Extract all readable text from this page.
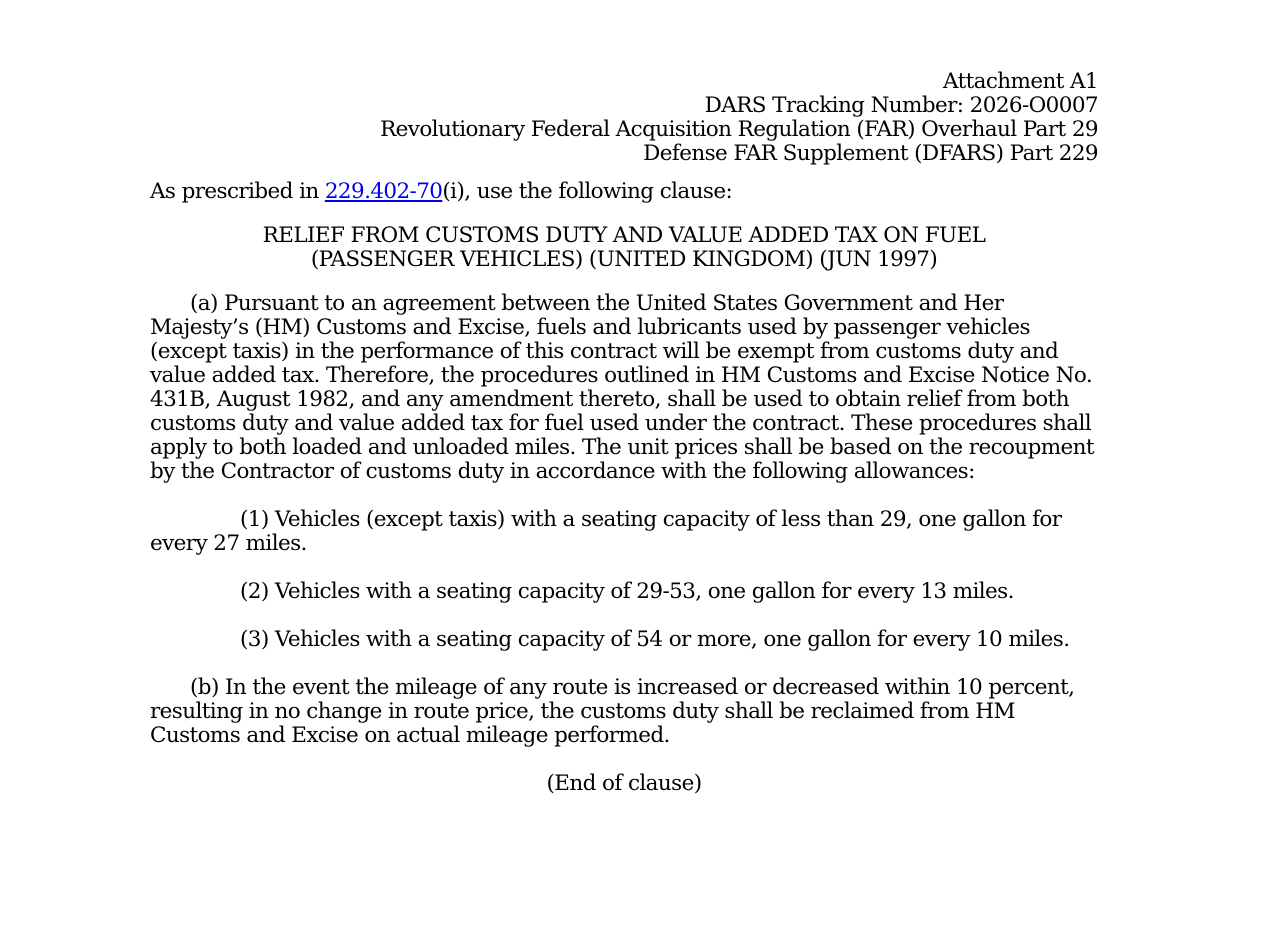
Attachment A1
DARS Tracking Number: 2026-O0007
Revolutionary Federal Acquisition Regulation (FAR) Overhaul Part 29
Defense FAR Supplement (DFARS) Part 229

As prescribed in 229.402-70(i), use the following clause:

RELIEF FROM CUSTOMS DUTY AND VALUE ADDED TAX ON FUEL
(PASSENGER VEHICLES) (UNITED KINGDOM) (JUN 1997)

(a) Pursuant to an agreement between the United States Government and Her Majesty’s (HM) Customs and Excise, fuels and lubricants used by passenger vehicles (except taxis) in the performance of this contract will be exempt from customs duty and value added tax. Therefore, the procedures outlined in HM Customs and Excise Notice No. 431B, August 1982, and any amendment thereto, shall be used to obtain relief from both customs duty and value added tax for fuel used under the contract. These procedures shall apply to both loaded and unloaded miles. The unit prices shall be based on the recoupment by the Contractor of customs duty in accordance with the following allowances:

(1) Vehicles (except taxis) with a seating capacity of less than 29, one gallon for every 27 miles.

(2) Vehicles with a seating capacity of 29-53, one gallon for every 13 miles.

(3) Vehicles with a seating capacity of 54 or more, one gallon for every 10 miles.

(b) In the event the mileage of any route is increased or decreased within 10 percent, resulting in no change in route price, the customs duty shall be reclaimed from HM Customs and Excise on actual mileage performed.

(End of clause)
